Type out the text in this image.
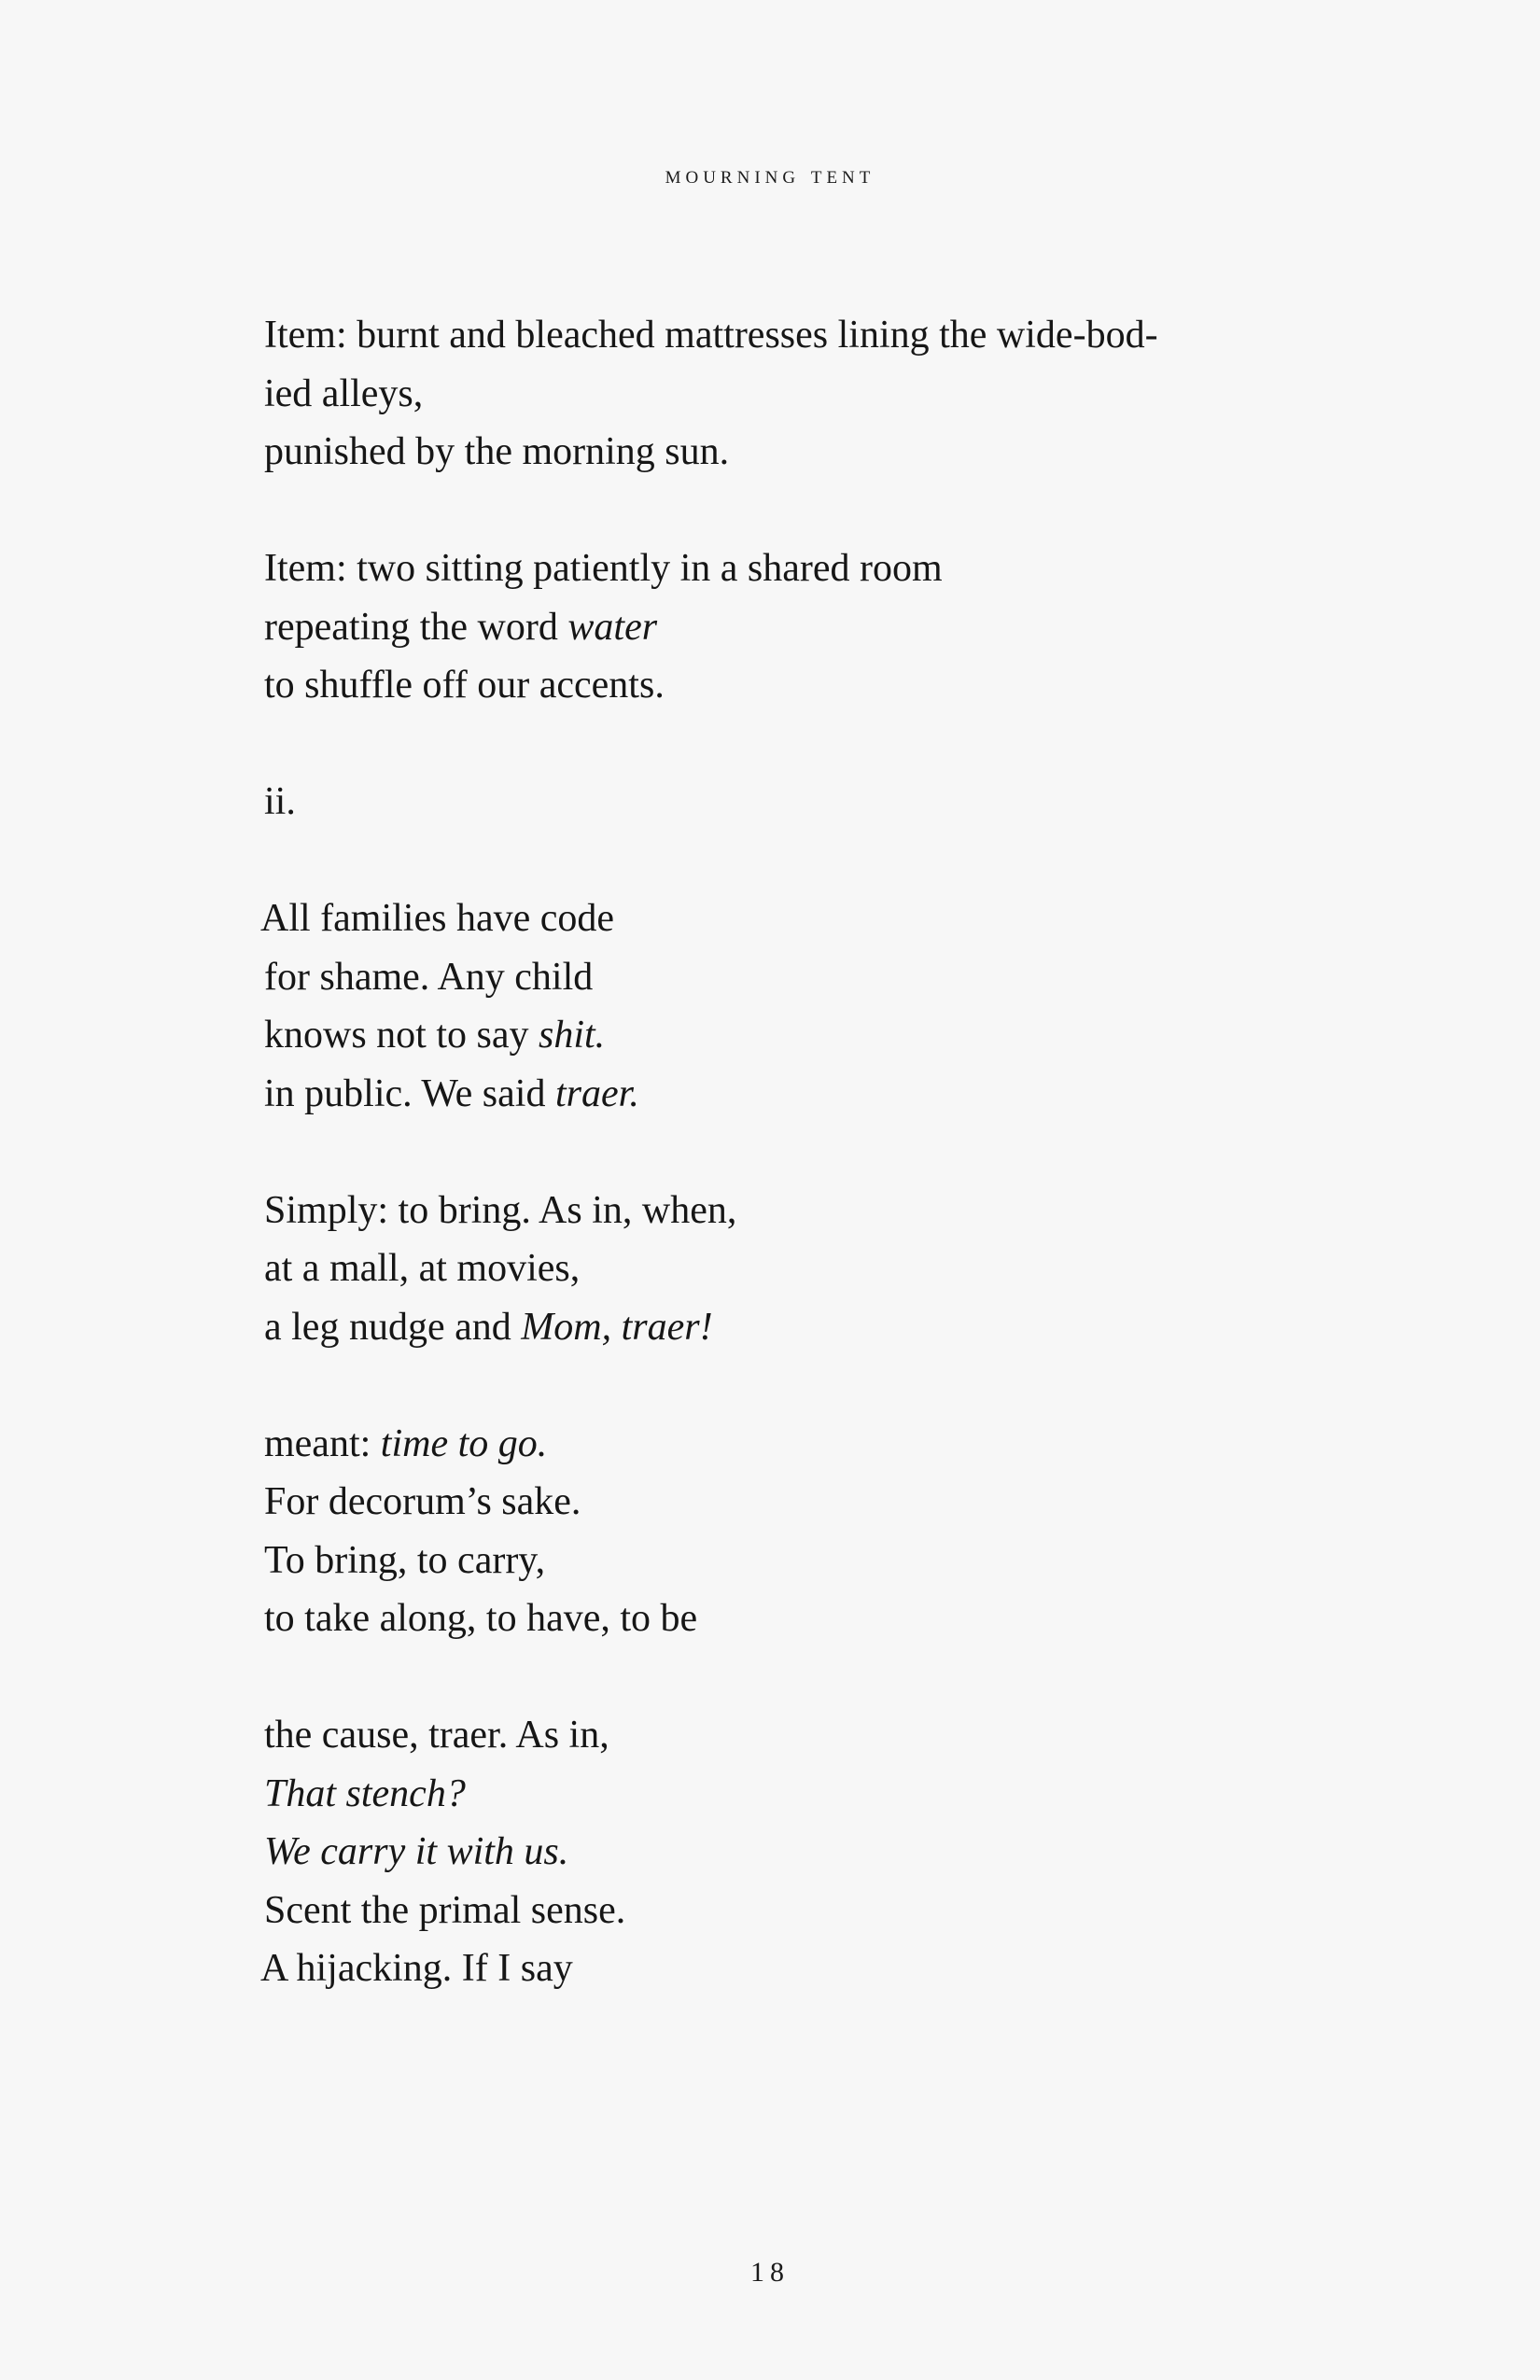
mourning tent
Item: burnt and bleached mattresses lining the wide-bod-
ied alleys,
punished by the morning sun.
Item: two sitting patiently in a shared room
repeating the word water
to shuffle off our accents.
ii.
All families have code
for shame. Any child
knows not to say shit.
in public. We said traer.
Simply: to bring. As in, when,
at a mall, at movies,
a leg nudge and Mom, traer!
meant: time to go.
For decorum’s sake.
To bring, to carry,
to take along, to have, to be
the cause, traer. As in,
That stench?
We carry it with us.
Scent the primal sense.
A hijacking. If I say
18
